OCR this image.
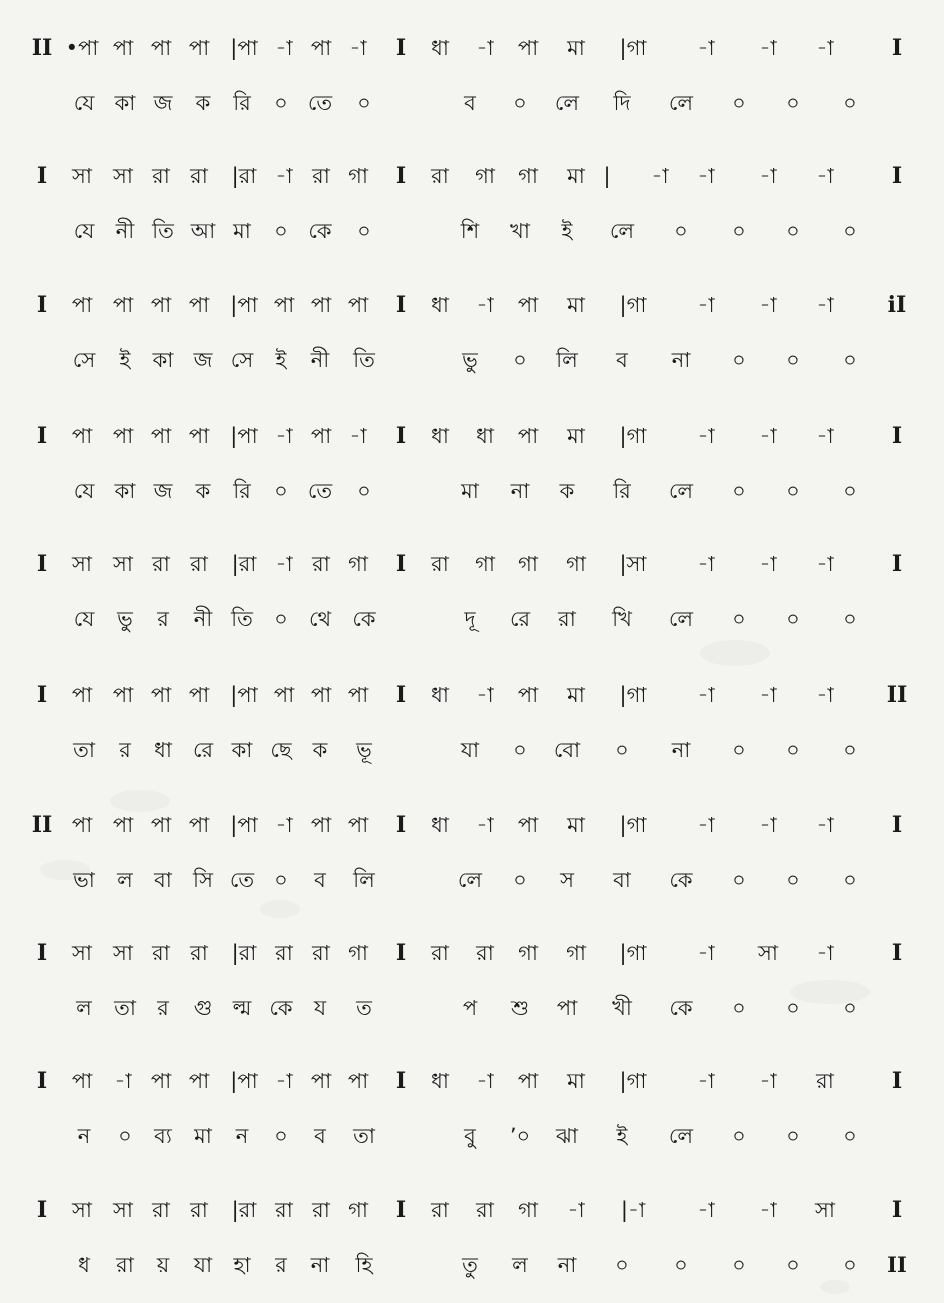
II •পা পা পা পা |পা -া পা -া I ধা -া পা মা |গা -া -া -া	I
যে কা জ ক রি ০ তে ০	ব ০ লে দি লে ০ ০ ০
I সা সা রা রা |রা -া রা গা I রা গা গা মা | -া -া -া -া	I
যে নী তি আ মা ০ কে ০	শি খা ই লে ০ ০ ০ ০
I পা পা পা পা |পা পা পা পা I ধা -া পা মা |গা -া -া -া iI
সে ই কা জ সে ই নী তি	ভু ০ লি ব না ০ ০ ০
I পা পা পা পা |পা -া পা -া I ধা ধা পা মা |গা -া -া -া	I
যে কা জ ক রি ০ তে ০	মা না ক রি লে ০ ০ ০
I সা সা রা রা |রা -া রা গা I রা গা গা গা |সা -া -া -া	I
যে ভু র নী তি ০ থে কে	দূ রে রা খি লে ০ ০ ০
I পা পা পা পা |পা পা পা পা I ধা -া পা মা |গা -া -া -া II
তা র ধা রে কা ছে ক ভূ	যা ০ বো ০ না ০ ০ ০
II পা পা পা পা |পা -া পা পা I ধা -া পা মা |গা -া -া -া	I
ভা ল বা সি তে ০ ব লি	লে ০ স বা কে ০ ০ ০
I সা সা রা রা |রা রা রা গা I রা রা গা গা |গা -া সা -া	I
ল তা র গু ল্ম কে য ত	প শু পা খী কে ০ ০ ০
I পা -া পা পা |পা -া পা পা I ধা -া পা মা |গা -া -া রা	I
ন ০ ব্য মা ন ০ ব তা	বু ʼ০ ঝা ই লে ০ ০ ০
I সা সা রা রা |রা রা রা গা I রা রা গা -া |-া -া -া সা	I
ধ রা য় যা হা র না হি	তু ল না ০ ০ ০ ০ ০ II
